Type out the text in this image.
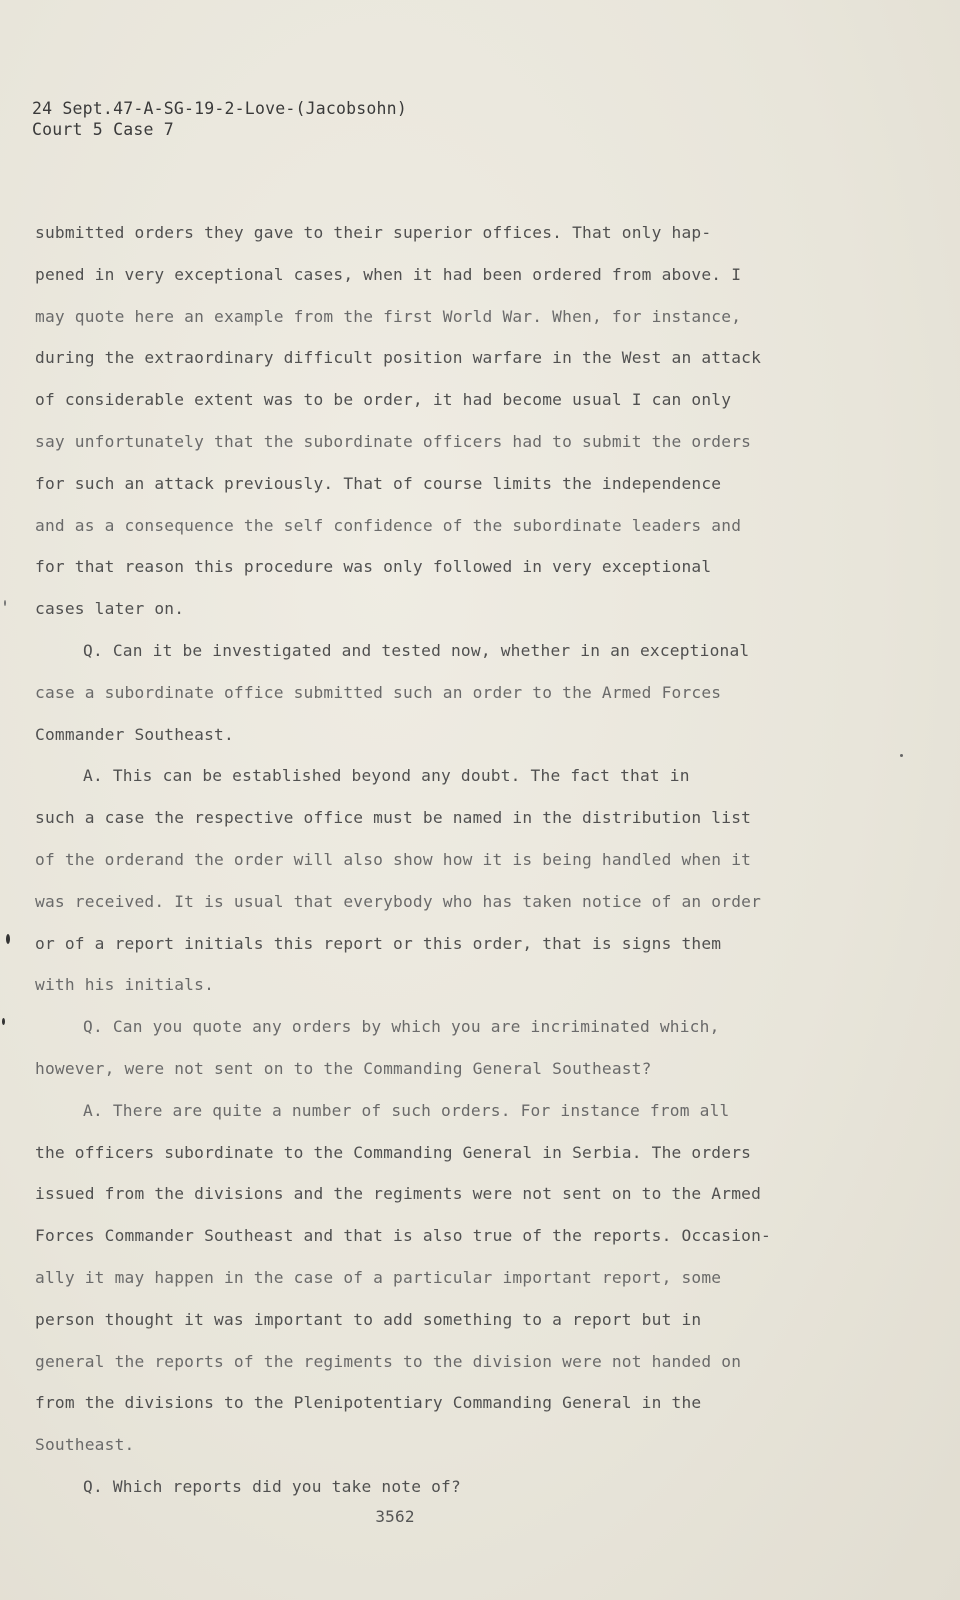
24 Sept.47-A-SG-19-2-Love-(Jacobsohn)
Court 5 Case 7
submitted orders they gave to their superior offices. That only hap-
pened in very exceptional cases, when it had been ordered from above. I
may quote here an example from the first World War. When, for instance,
during the extraordinary difficult position warfare in the West an attack
of considerable extent was to be order, it had become usual I can only
say unfortunately that the subordinate officers had to submit the orders
for such an attack previously. That of course limits the independence
and as a consequence the self confidence of the subordinate leaders and
for that reason this procedure was only followed in very exceptional
cases later on.
Q. Can it be investigated and tested now, whether in an exceptional
case a subordinate office submitted such an order to the Armed Forces
Commander Southeast.
A. This can be established beyond any doubt. The fact that in
such a case the respective office must be named in the distribution list
of the orderand the order will also show how it is being handled when it
was received. It is usual that everybody who has taken notice of an order
or of a report initials this report or this order, that is signs them
with his initials.
Q. Can you quote any orders by which you are incriminated which,
however, were not sent on to the Commanding General Southeast?
A. There are quite a number of such orders. For instance from all
the officers subordinate to the Commanding General in Serbia. The orders
issued from the divisions and the regiments were not sent on to the Armed
Forces Commander Southeast and that is also true of the reports. Occasion-
ally it may happen in the case of a particular important report, some
person thought it was important to add something to a report but in
general the reports of the regiments to the division were not handed on
from the divisions to the Plenipotentiary Commanding General in the
Southeast.
Q. Which reports did you take note of?
3562
